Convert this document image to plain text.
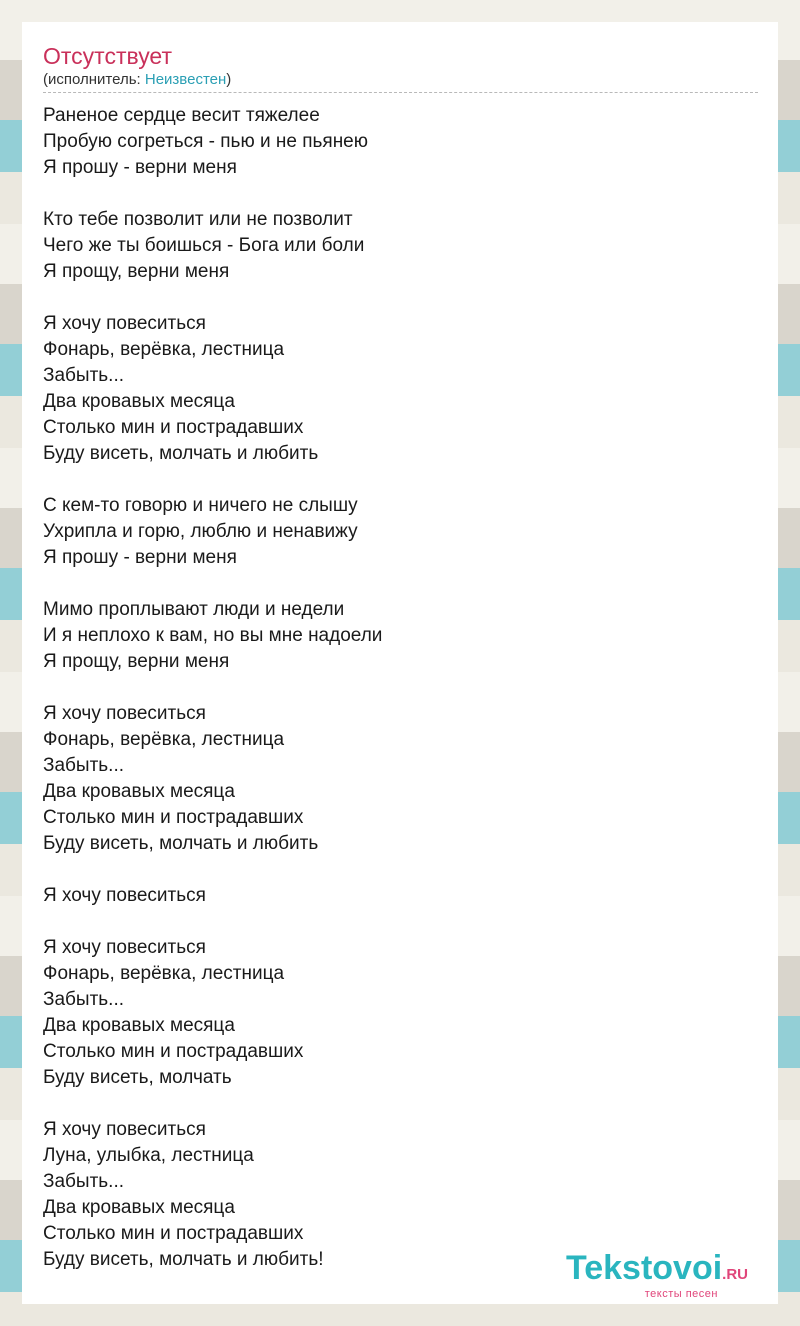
Отсутствует
(исполнитель: Неизвестен)
Раненое сердце весит тяжелее
Пробую согреться - пью и не пьянею
Я прошу - верни меня
Кто тебе позволит или не позволит
Чего же ты боишься - Бога или боли
Я прощу, верни меня
Я хочу повеситься
Фонарь, верёвка, лестница
Забыть...
Два кровавых месяца
Столько мин и пострадавших
Буду висеть, молчать и любить
С кем-то говорю и ничего не слышу
Ухрипла и горю, люблю и ненавижу
Я прошу - верни меня
Мимо проплывают люди и недели
И я неплохо к вам, но вы мне надоели
Я прощу, верни меня
Я хочу повеситься
Фонарь, верёвка, лестница
Забыть...
Два кровавых месяца
Столько мин и пострадавших
Буду висеть, молчать и любить
Я хочу повеситься
Я хочу повеситься
Фонарь, верёвка, лестница
Забыть...
Два кровавых месяца
Столько мин и пострадавших
Буду висеть, молчать
Я хочу повеситься
Луна, улыбка, лестница
Забыть...
Два кровавых месяца
Столько мин и пострадавших
Буду висеть, молчать и любить!	Tekstovoi.RU
тексты песен
